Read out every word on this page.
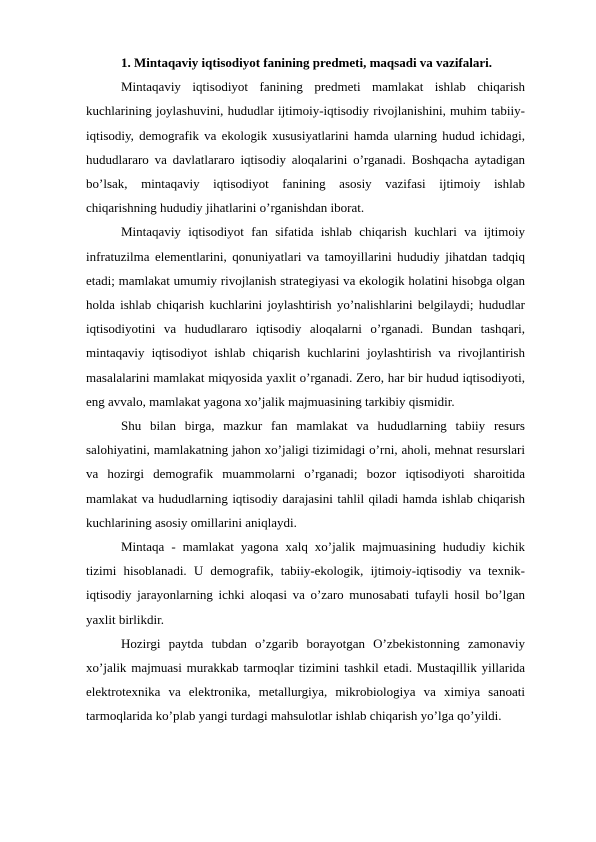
1. Mintaqaviy iqtisodiyot fanining predmeti, maqsadi va vazifalari.

Mintaqaviy iqtisodiyot fanining predmeti mamlakat ishlab chiqarish kuchlarining joylashuvini, hududlar ijtimoiy-iqtisodiy rivojlanishini, muhim tabiiy-iqtisodiy, demografik va ekologik xususiyatlarini hamda ularning hudud ichidagi, hududlararo va davlatlararo iqtisodiy aloqalarini o’rganadi. Boshqacha aytadigan bo’lsak, mintaqaviy iqtisodiyot fanining asosiy vazifasi ijtimoiy ishlab chiqarishning hududiy jihatlarini o’rganishdan iborat.

Mintaqaviy iqtisodiyot fan sifatida ishlab chiqarish kuchlari va ijtimoiy infratuzilma elementlarini, qonuniyatlari va tamoyillarini hududiy jihatdan tadqiq etadi; mamlakat umumiy rivojlanish strategiyasi va ekologik holatini hisobga olgan holda ishlab chiqarish kuchlarini joylashtirish yo’nalishlarini belgilaydi; hududlar iqtisodiyotini va hududlararo iqtisodiy aloqalarni o’rganadi. Bundan tashqari, mintaqaviy iqtisodiyot ishlab chiqarish kuchlarini joylashtirish va rivojlantirish masalalarini mamlakat miqyosida yaxlit o’rganadi. Zero, har bir hudud iqtisodiyoti, eng avvalo, mamlakat yagona xo’jalik majmuasining tarkibiy qismidir.

Shu bilan birga, mazkur fan mamlakat va hududlarning tabiiy resurs salohiyatini, mamlakatning jahon xo’jaligi tizimidagi o’rni, aholi, mehnat resurslari va hozirgi demografik muammolarni o’rganadi; bozor iqtisodiyoti sharoitida mamlakat va hududlarning iqtisodiy darajasini tahlil qiladi hamda ishlab chiqarish kuchlarining asosiy omillarini aniqlaydi.

Mintaqa - mamlakat yagona xalq xo’jalik majmuasining hududiy kichik tizimi hisoblanadi. U demografik, tabiiy-ekologik, ijtimoiy-iqtisodiy va texnik-iqtisodiy jarayonlarning ichki aloqasi va o’zaro munosabati tufayli hosil bo’lgan yaxlit birlikdir.

Hozirgi paytda tubdan o’zgarib borayotgan O’zbekistonning zamonaviy xo’jalik majmuasi murakkab tarmoqlar tizimini tashkil etadi. Mustaqillik yillarida elektrotexnika va elektronika, metallurgiya, mikrobiologiya va ximiya sanoati tarmoqlarida ko’plab yangi turdagi mahsulotlar ishlab chiqarish yo’lga qo’yildi.
